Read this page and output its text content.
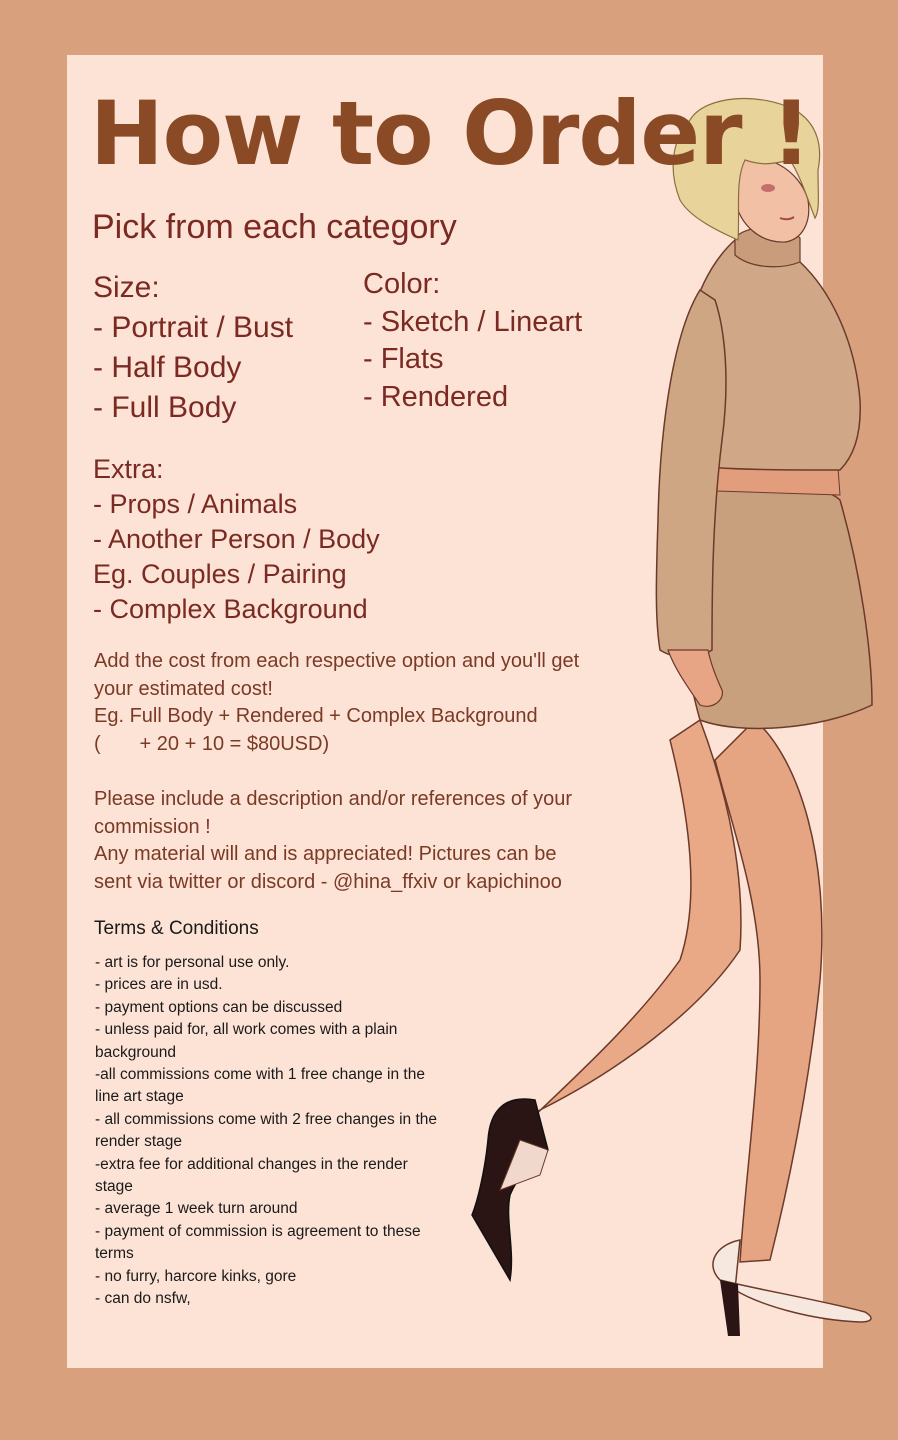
How to Order !
Pick from each category
Size:
- Portrait / Bust
- Half Body
- Full Body
Color:
- Sketch / Lineart
- Flats
- Rendered
Extra:
- Props / Animals
- Another Person / Body
Eg. Couples / Pairing
- Complex Background
Add the cost from each respective option and you'll get
your estimated cost!
Eg. Full Body + Rendered + Complex Background
(       + 20 + 10 = $80USD)
Please include a description and/or references of your
commission !
Any material will and is appreciated! Pictures can be
sent via twitter or discord - @hina_ffxiv or kapichinoo
Terms & Conditions
- art is for personal use only.
- prices are in usd.
- payment options can be discussed
- unless paid for, all work comes with a plain
background
-all commissions come with 1 free change in the
line art stage
- all commissions come with 2 free changes in the
render stage
-extra fee for additional changes in the render
stage
- average 1 week turn around
- payment of commission is agreement to these
terms
- no furry, harcore kinks, gore
- can do nsfw,
